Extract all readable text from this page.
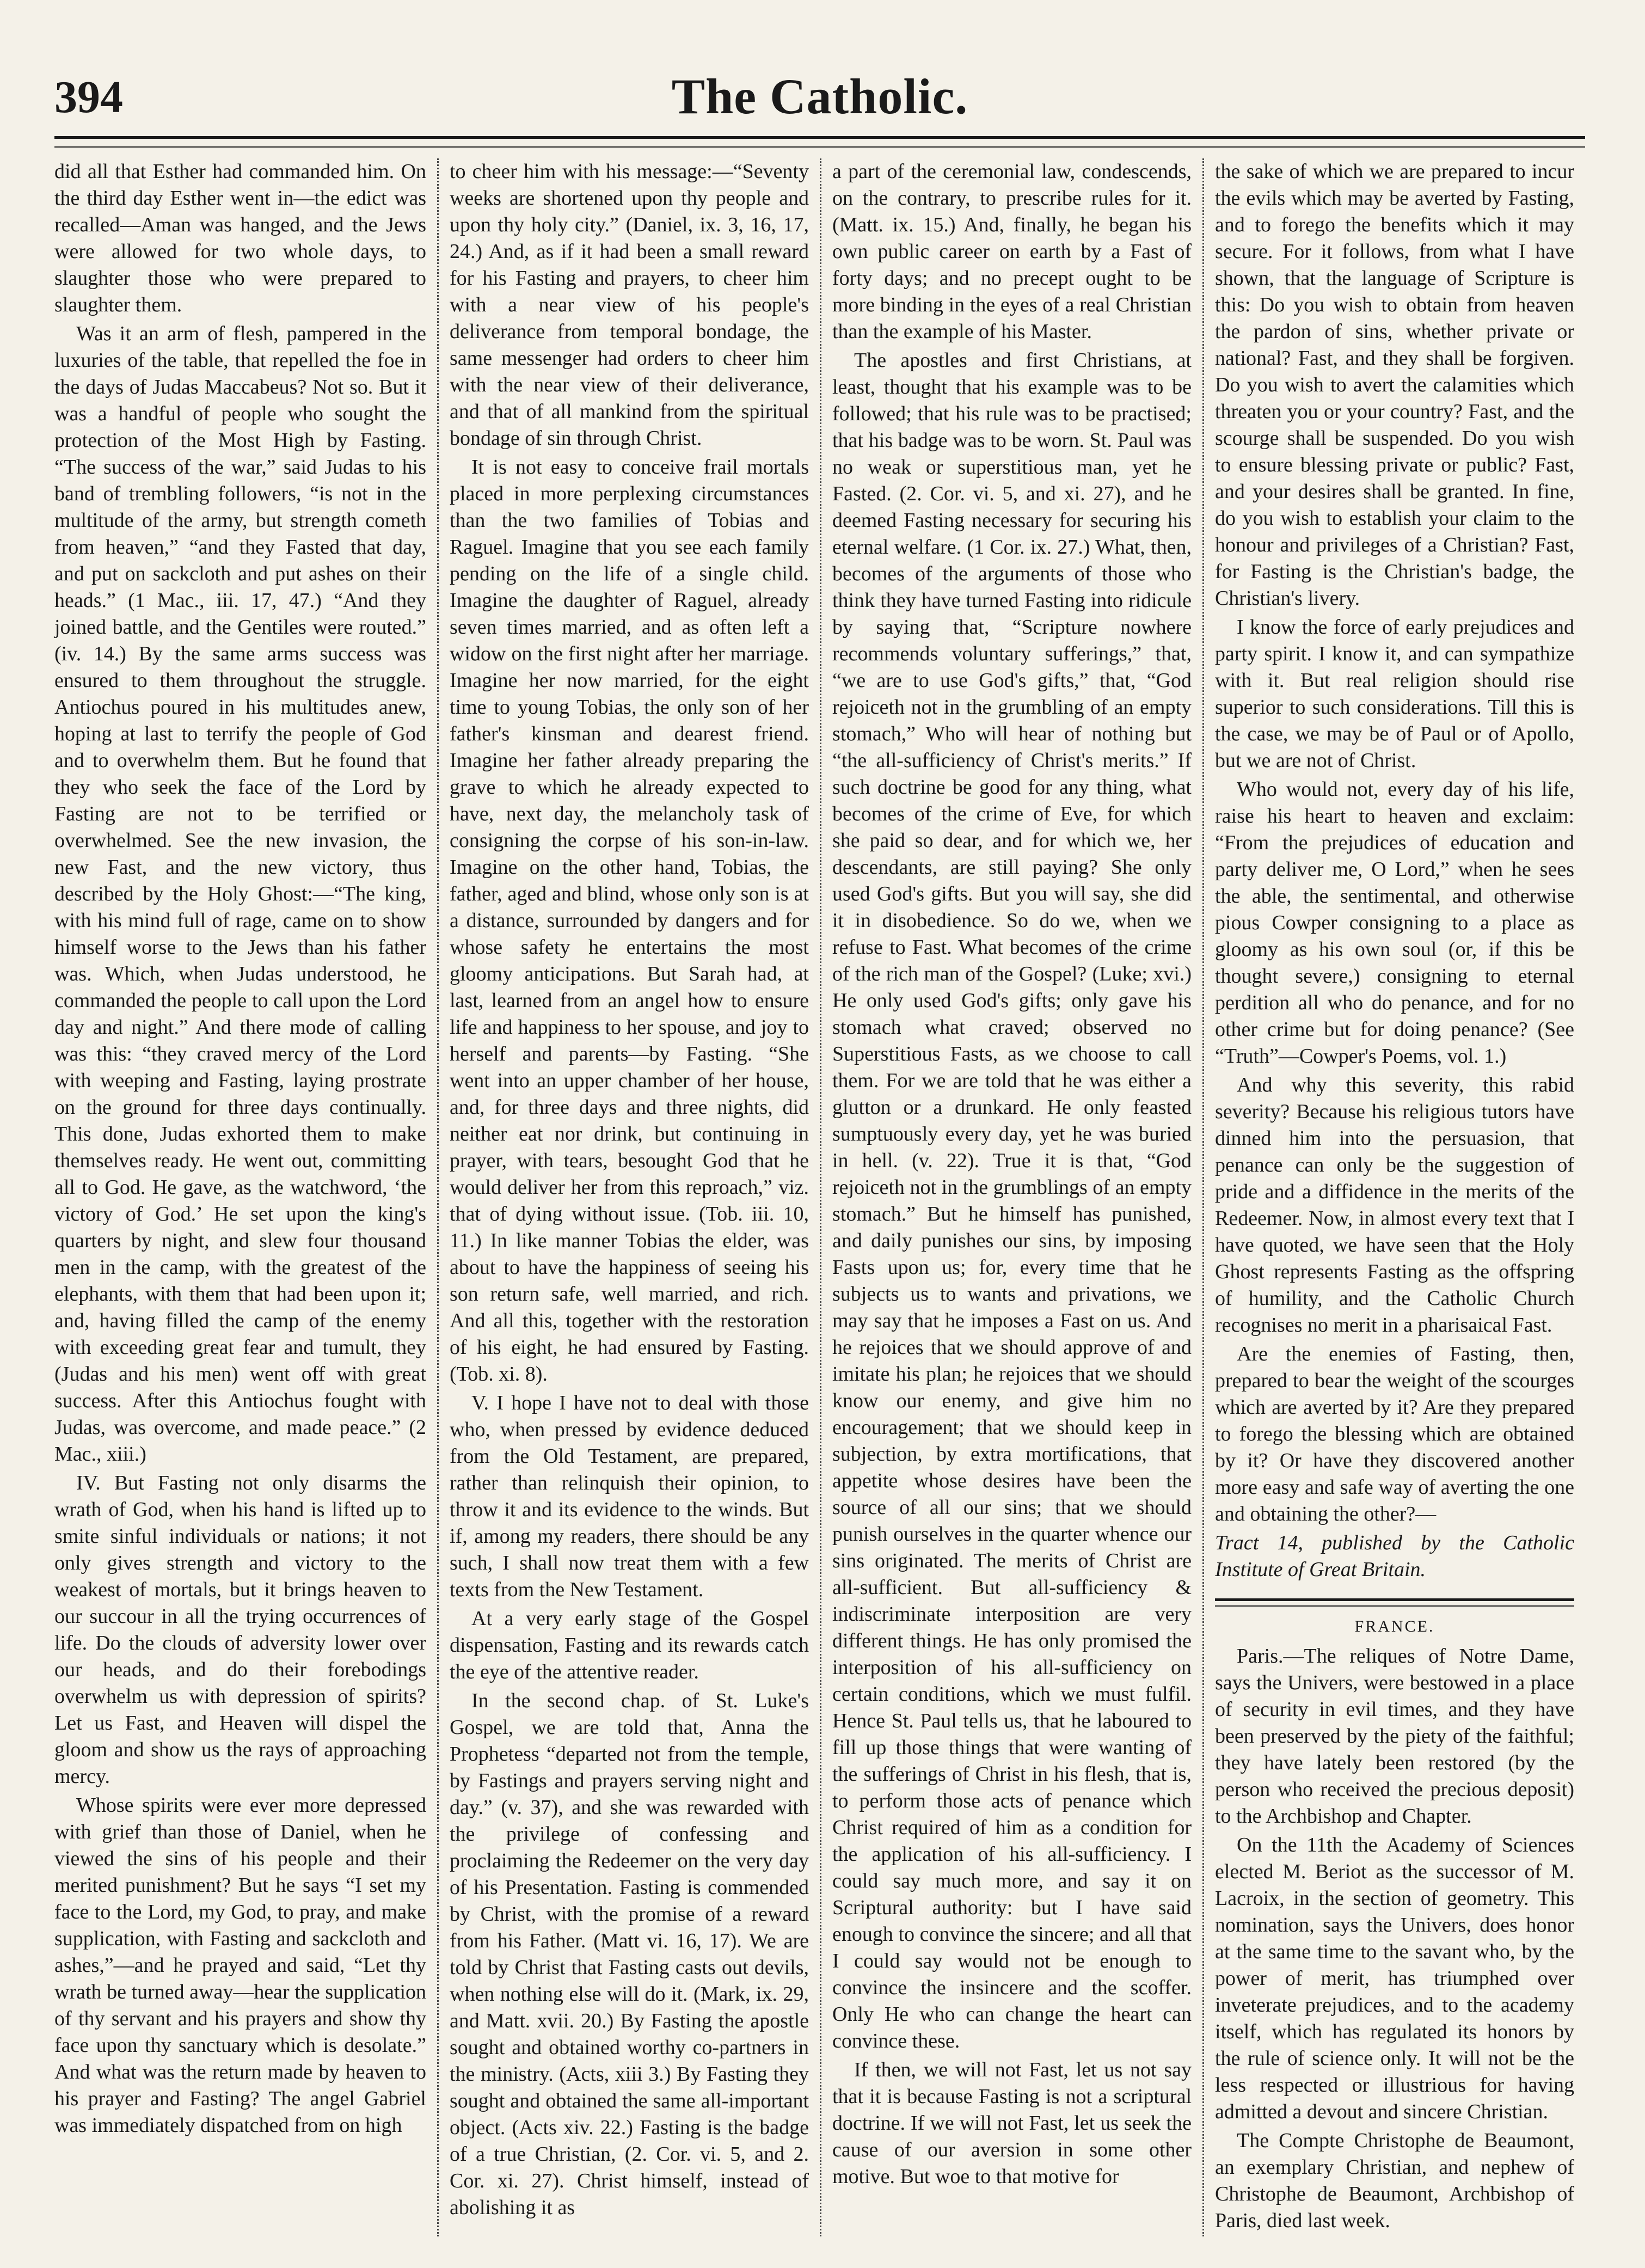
394	The Catholic.

did all that Esther had commanded him. On the third day Esther went in—the edict was recalled—Aman was hanged, and the Jews were allowed for two whole days, to slaughter those who were prepared to slaughter them.

Was it an arm of flesh, pampered in the luxuries of the table, that repelled the foe in the days of Judas Maccabeus? Not so. But it was a handful of people who sought the protection of the Most High by Fasting. “The success of the war,” said Judas to his band of trembling followers, “is not in the multitude of the army, but strength cometh from heaven,” “and they Fasted that day, and put on sackcloth and put ashes on their heads.” (1 Mac., iii. 17, 47.) “And they joined battle, and the Gentiles were routed.” (iv. 14.) By the same arms success was ensured to them throughout the struggle. Antiochus poured in his multitudes anew, hoping at last to terrify the people of God and to overwhelm them. But he found that they who seek the face of the Lord by Fasting are not to be terrified or overwhelmed. See the new invasion, the new Fast, and the new victory, thus described by the Holy Ghost:—“The king, with his mind full of rage, came on to show himself worse to the Jews than his father was. Which, when Judas understood, he commanded the people to call upon the Lord day and night.” And there mode of calling was this: “they craved mercy of the Lord with weeping and Fasting, laying prostrate on the ground for three days continually. This done, Judas exhorted them to make themselves ready. He went out, committing all to God. He gave, as the watchword, ‘the victory of God.’ He set upon the king's quarters by night, and slew four thousand men in the camp, with the greatest of the elephants, with them that had been upon it; and, having filled the camp of the enemy with exceeding great fear and tumult, they (Judas and his men) went off with great success. After this Antiochus fought with Judas, was overcome, and made peace.” (2 Mac., xiii.)

IV. But Fasting not only disarms the wrath of God, when his hand is lifted up to smite sinful individuals or nations; it not only gives strength and victory to the weakest of mortals, but it brings heaven to our succour in all the trying occurrences of life. Do the clouds of adversity lower over our heads, and do their forebodings overwhelm us with depression of spirits? Let us Fast, and Heaven will dispel the gloom and show us the rays of approaching mercy.

Whose spirits were ever more depressed with grief than those of Daniel, when he viewed the sins of his people and their merited punishment? But he says “I set my face to the Lord, my God, to pray, and make supplication, with Fasting and sackcloth and ashes,”—and he prayed and said, “Let thy wrath be turned away—hear the supplication of thy servant and his prayers and show thy face upon thy sanctuary which is desolate.” And what was the return made by heaven to his prayer and Fasting? The angel Gabriel was immediately dispatched from on high

to cheer him with his message:—“Seventy weeks are shortened upon thy people and upon thy holy city.” (Daniel, ix. 3, 16, 17, 24.) And, as if it had been a small reward for his Fasting and prayers, to cheer him with a near view of his people's deliverance from temporal bondage, the same messenger had orders to cheer him with the near view of their deliverance, and that of all mankind from the spiritual bondage of sin through Christ.

It is not easy to conceive frail mortals placed in more perplexing circumstances than the two families of Tobias and Raguel. Imagine that you see each family pending on the life of a single child. Imagine the daughter of Raguel, already seven times married, and as often left a widow on the first night after her marriage. Imagine her now married, for the eight time to young Tobias, the only son of her father's kinsman and dearest friend. Imagine her father already preparing the grave to which he already expected to have, next day, the melancholy task of consigning the corpse of his son-in-law. Imagine on the other hand, Tobias, the father, aged and blind, whose only son is at a distance, surrounded by dangers and for whose safety he entertains the most gloomy anticipations. But Sarah had, at last, learned from an angel how to ensure life and happiness to her spouse, and joy to herself and parents—by Fasting. “She went into an upper chamber of her house, and, for three days and three nights, did neither eat nor drink, but continuing in prayer, with tears, besought God that he would deliver her from this reproach,” viz. that of dying without issue. (Tob. iii. 10, 11.) In like manner Tobias the elder, was about to have the happiness of seeing his son return safe, well married, and rich. And all this, together with the restoration of his eight, he had ensured by Fasting. (Tob. xi. 8).

V. I hope I have not to deal with those who, when pressed by evidence deduced from the Old Testament, are prepared, rather than relinquish their opinion, to throw it and its evidence to the winds. But if, among my readers, there should be any such, I shall now treat them with a few texts from the New Testament.

At a very early stage of the Gospel dispensation, Fasting and its rewards catch the eye of the attentive reader.

In the second chap. of St. Luke's Gospel, we are told that, Anna the Prophetess “departed not from the temple, by Fastings and prayers serving night and day.” (v. 37), and she was rewarded with the privilege of confessing and proclaiming the Redeemer on the very day of his Presentation. Fasting is commended by Christ, with the promise of a reward from his Father. (Matt vi. 16, 17). We are told by Christ that Fasting casts out devils, when nothing else will do it. (Mark, ix. 29, and Matt. xvii. 20.) By Fasting the apostle sought and obtained worthy co-partners in the ministry. (Acts, xiii 3.) By Fasting they sought and obtained the same all-important object. (Acts xiv. 22.) Fasting is the badge of a true Christian, (2. Cor. vi. 5, and 2. Cor. xi. 27). Christ himself, instead of abolishing it as

a part of the ceremonial law, condescends, on the contrary, to prescribe rules for it. (Matt. ix. 15.) And, finally, he began his own public career on earth by a Fast of forty days; and no precept ought to be more binding in the eyes of a real Christian than the example of his Master.

The apostles and first Christians, at least, thought that his example was to be followed; that his rule was to be practised; that his badge was to be worn. St. Paul was no weak or superstitious man, yet he Fasted. (2. Cor. vi. 5, and xi. 27), and he deemed Fasting necessary for securing his eternal welfare. (1 Cor. ix. 27.) What, then, becomes of the arguments of those who think they have turned Fasting into ridicule by saying that, “Scripture nowhere recommends voluntary sufferings,” that, “we are to use God's gifts,” that, “God rejoiceth not in the grumbling of an empty stomach,” Who will hear of nothing but “the all-sufficiency of Christ's merits.” If such doctrine be good for any thing, what becomes of the crime of Eve, for which she paid so dear, and for which we, her descendants, are still paying? She only used God's gifts. But you will say, she did it in disobedience. So do we, when we refuse to Fast. What becomes of the crime of the rich man of the Gospel? (Luke; xvi.) He only used God's gifts; only gave his stomach what craved; observed no Superstitious Fasts, as we choose to call them. For we are told that he was either a glutton or a drunkard. He only feasted sumptuously every day, yet he was buried in hell. (v. 22). True it is that, “God rejoiceth not in the grumblings of an empty stomach.” But he himself has punished, and daily punishes our sins, by imposing Fasts upon us; for, every time that he subjects us to wants and privations, we may say that he imposes a Fast on us. And he rejoices that we should approve of and imitate his plan; he rejoices that we should know our enemy, and give him no encouragement; that we should keep in subjection, by extra mortifications, that appetite whose desires have been the source of all our sins; that we should punish ourselves in the quarter whence our sins originated. The merits of Christ are all-sufficient. But all-sufficiency & indiscriminate interposition are very different things. He has only promised the interposition of his all-sufficiency on certain conditions, which we must fulfil. Hence St. Paul tells us, that he laboured to fill up those things that were wanting of the sufferings of Christ in his flesh, that is, to perform those acts of penance which Christ required of him as a condition for the application of his all-sufficiency. I could say much more, and say it on Scriptural authority: but I have said enough to convince the sincere; and all that I could say would not be enough to convince the insincere and the scoffer. Only He who can change the heart can convince these.

If then, we will not Fast, let us not say that it is because Fasting is not a scriptural doctrine. If we will not Fast, let us seek the cause of our aversion in some other motive. But woe to that motive for

the sake of which we are prepared to incur the evils which may be averted by Fasting, and to forego the benefits which it may secure. For it follows, from what I have shown, that the language of Scripture is this: Do you wish to obtain from heaven the pardon of sins, whether private or national? Fast, and they shall be forgiven. Do you wish to avert the calamities which threaten you or your country? Fast, and the scourge shall be suspended. Do you wish to ensure blessing private or public? Fast, and your desires shall be granted. In fine, do you wish to establish your claim to the honour and privileges of a Christian? Fast, for Fasting is the Christian's badge, the Christian's livery.

I know the force of early prejudices and party spirit. I know it, and can sympathize with it. But real religion should rise superior to such considerations. Till this is the case, we may be of Paul or of Apollo, but we are not of Christ.

Who would not, every day of his life, raise his heart to heaven and exclaim: “From the prejudices of education and party deliver me, O Lord,” when he sees the able, the sentimental, and otherwise pious Cowper consigning to a place as gloomy as his own soul (or, if this be thought severe,) consigning to eternal perdition all who do penance, and for no other crime but for doing penance? (See “Truth”—Cowper's Poems, vol. 1.)

And why this severity, this rabid severity? Because his religious tutors have dinned him into the persuasion, that penance can only be the suggestion of pride and a diffidence in the merits of the Redeemer. Now, in almost every text that I have quoted, we have seen that the Holy Ghost represents Fasting as the offspring of humility, and the Catholic Church recognises no merit in a pharisaical Fast.

Are the enemies of Fasting, then, prepared to bear the weight of the scourges which are averted by it? Are they prepared to forego the blessing which are obtained by it? Or have they discovered another more easy and safe way of averting the one and obtaining the other?—

Tract 14, published by the Catholic Institute of Great Britain.

FRANCE.

Paris.—The reliques of Notre Dame, says the Univers, were bestowed in a place of security in evil times, and they have been preserved by the piety of the faithful; they have lately been restored (by the person who received the precious deposit) to the Archbishop and Chapter.

On the 11th the Academy of Sciences elected M. Beriot as the successor of M. Lacroix, in the section of geometry. This nomination, says the Univers, does honor at the same time to the savant who, by the power of merit, has triumphed over inveterate prejudices, and to the academy itself, which has regulated its honors by the rule of science only. It will not be the less respected or illustrious for having admitted a devout and sincere Christian.

The Compte Christophe de Beaumont, an exemplary Christian, and nephew of Christophe de Beaumont, Archbishop of Paris, died last week.
